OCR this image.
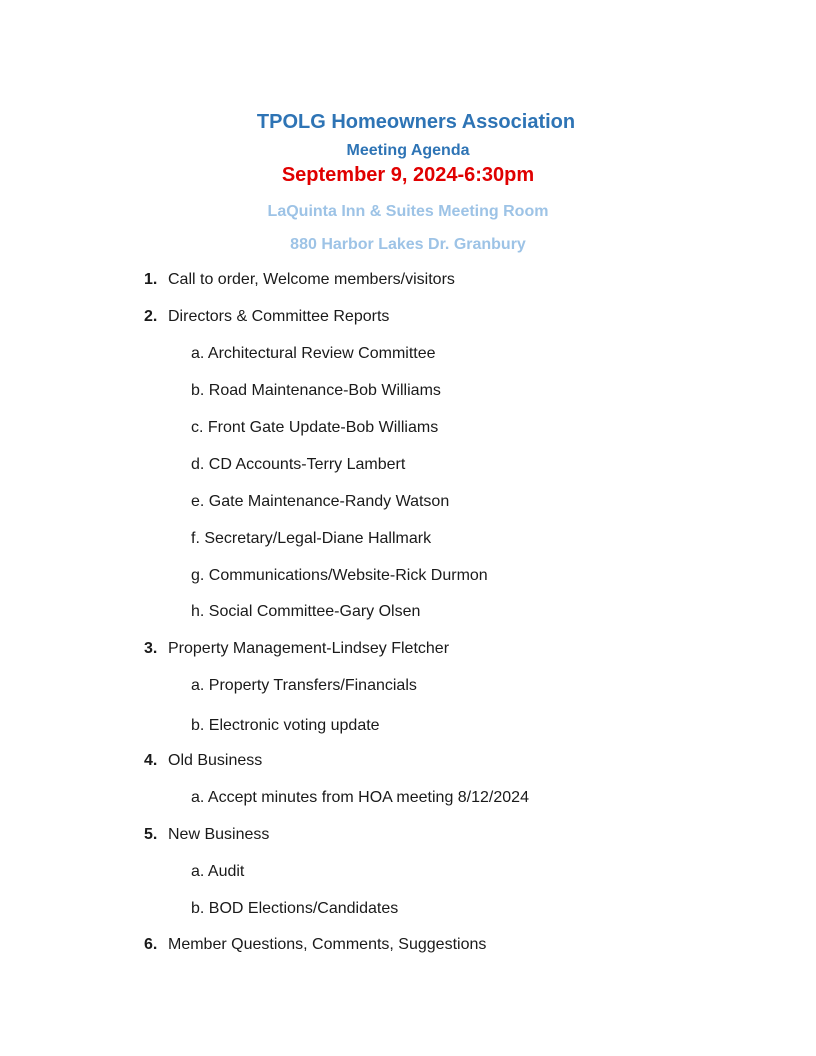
TPOLG Homeowners Association
Meeting Agenda
September 9, 2024-6:30pm
LaQuinta Inn & Suites Meeting Room
880 Harbor Lakes Dr. Granbury
1. Call to order, Welcome members/visitors
2. Directors & Committee Reports
a. Architectural Review Committee
b. Road Maintenance-Bob Williams
c. Front Gate Update-Bob Williams
d. CD Accounts-Terry Lambert
e. Gate Maintenance-Randy Watson
f. Secretary/Legal-Diane Hallmark
g. Communications/Website-Rick Durmon
h. Social Committee-Gary Olsen
3. Property Management-Lindsey Fletcher
a. Property Transfers/Financials
b. Electronic voting update
4. Old Business
a. Accept minutes from HOA meeting 8/12/2024
5. New Business
a. Audit
b. BOD Elections/Candidates
6. Member Questions, Comments, Suggestions
